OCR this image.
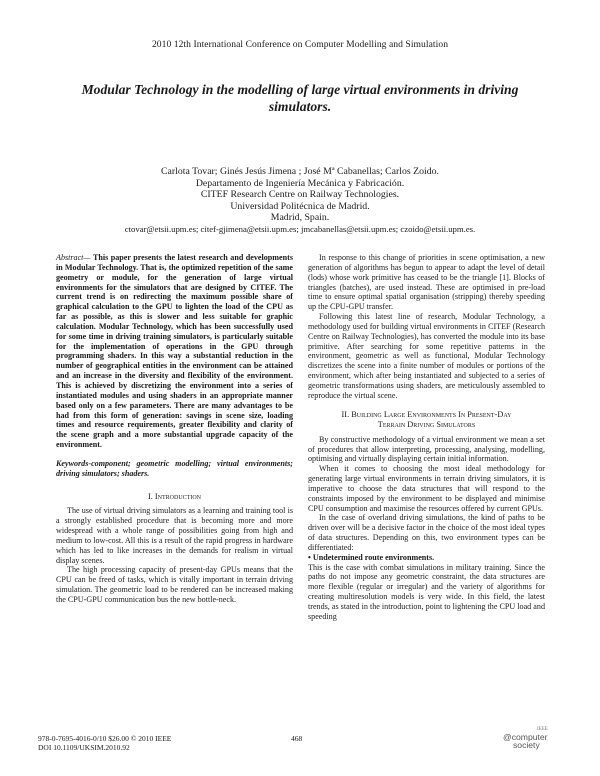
2010 12th International Conference on Computer Modelling and Simulation
Modular Technology in the modelling of large virtual environments in driving simulators.
Carlota Tovar; Ginés Jesús Jimena ; José Mª Cabanellas; Carlos Zoido.
Departamento de Ingeniería Mecánica y Fabricación.
CITEF Research Centre on Railway Technologies.
Universidad Politécnica de Madrid.
Madrid, Spain.
ctovar@etsii.upm.es; citef-gjimena@etsii.upm.es; jmcabanellas@etsii.upm.es; czoido@etsii.upm.es.

Abstract— This paper presents the latest research and developments in Modular Technology. That is, the optimized repetition of the same geometry or module, for the generation of large virtual environments for the simulators that are designed by CITEF. The current trend is on redirecting the maximum possible share of graphical calculation to the GPU to lighten the load of the CPU as far as possible, as this is slower and less suitable for graphic calculation. Modular Technology, which has been successfully used for some time in driving training simulators, is particularly suitable for the implementation of operations in the GPU through programming shaders. In this way a substantial reduction in the number of geographical entities in the environment can be attained and an increase in the diversity and flexibility of the environment. This is achieved by discretizing the environment into a series of instantiated modules and using shaders in an appropriate manner based only on a few parameters. There are many advantages to be had from this form of generation: savings in scene size, loading times and resource requirements, greater flexibility and clarity of the scene graph and a more substantial upgrade capacity of the environment.

Keywords-component; geometric modelling; virtual environments; driving simulators; shaders.

I. Introduction

The use of virtual driving simulators as a learning and training tool is a strongly established procedure that is becoming more and more widespread with a whole range of possibilities going from high and medium to low-cost. All this is a result of the rapid progress in hardware which has led to like increases in the demands for realism in virtual display scenes.

The high processing capacity of present-day GPUs means that the CPU can be freed of tasks, which is vitally important in terrain driving simulation. The geometric load to be rendered can be increased making the CPU-GPU communication bus the new bottle-neck.

In response to this change of priorities in scene optimisation, a new generation of algorithms has begun to appear to adapt the level of detail (lods) whose work primitive has ceased to be the triangle [1]. Blocks of triangles (batches), are used instead. These are optimised in pre-load time to ensure optimal spatial organisation (stripping) thereby speeding up the CPU-GPU transfer.

Following this latest line of research, Modular Technology, a methodology used for building virtual environments in CITEF (Research Centre on Railway Technologies), has converted the module into its base primitive. After searching for some repetitive patterns in the environment, geometric as well as functional, Modular Technology discretizes the scene into a finite number of modules or portions of the environment, which after being instantiated and subjected to a series of geometric transformations using shaders, are meticulously assembled to reproduce the virtual scene.

II. Building Large Environments In Present-Day
Terrain Driving Simulators

By constructive methodology of a virtual environment we mean a set of procedures that allow interpreting, processing, analysing, modelling, optimising and virtually displaying certain initial information.

When it comes to choosing the most ideal methodology for generating large virtual environments in terrain driving simulators, it is imperative to choose the data structures that will respond to the constraints imposed by the environment to be displayed and minimise CPU consumption and maximise the resources offered by current GPUs.

In the case of overland driving simulations, the kind of paths to be driven over will be a decisive factor in the choice of the most ideal types of data structures. Depending on this, two environment types can be differentiated:

• Undetermined route environments.

This is the case with combat simulations in military training. Since the paths do not impose any geometric constraint, the data structures are more flexible (regular or irregular) and the variety of algorithms for creating multiresolution models is very wide. In this field, the latest trends, as stated in the introduction, point to lightening the CPU load and speeding

978-0-7695-4016-0/10 $26.00 © 2010 IEEE
DOI 10.1109/UKSIM.2010.92
468
IEEE
@computer
society
